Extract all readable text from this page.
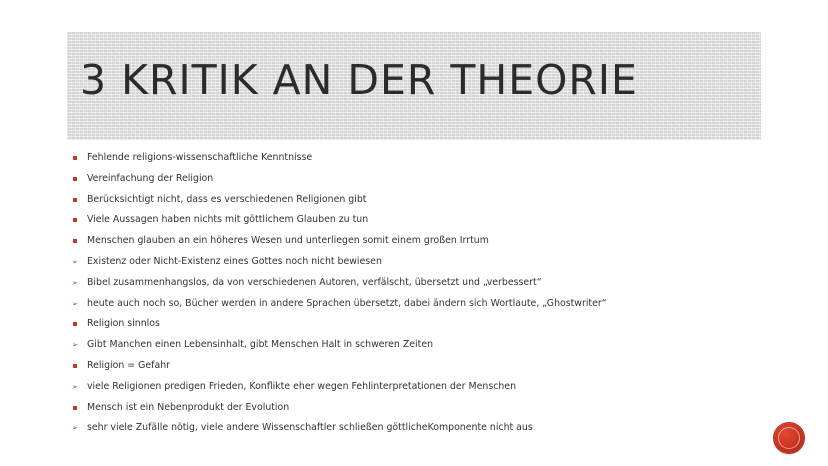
3 KRITIK AN DER THEORIE
Fehlende religions-wissenschaftliche Kenntnisse
Vereinfachung der Religion
Berücksichtigt nicht, dass es verschiedenen Religionen gibt
Viele Aussagen haben nichts mit göttlichem Glauben zu tun
Menschen glauben an ein höheres Wesen und unterliegen somit einem großen Irrtum
Existenz oder Nicht-Existenz eines Gottes noch nicht bewiesen
Bibel zusammenhangslos, da von verschiedenen Autoren, verfälscht, übersetzt und „verbessert“
heute auch noch so, Bücher werden in andere Sprachen übersetzt, dabei ändern sich Wortlaute, „Ghostwriter“
Religion sinnlos
Gibt Manchen einen Lebensinhalt, gibt Menschen Halt in schweren Zeiten
Religion = Gefahr
viele Religionen predigen Frieden, Konflikte eher wegen Fehlinterpretationen der Menschen
Mensch ist ein Nebenprodukt der Evolution
sehr viele Zufälle nötig, viele andere Wissenschaftler schließen göttlicheKomponente nicht aus
